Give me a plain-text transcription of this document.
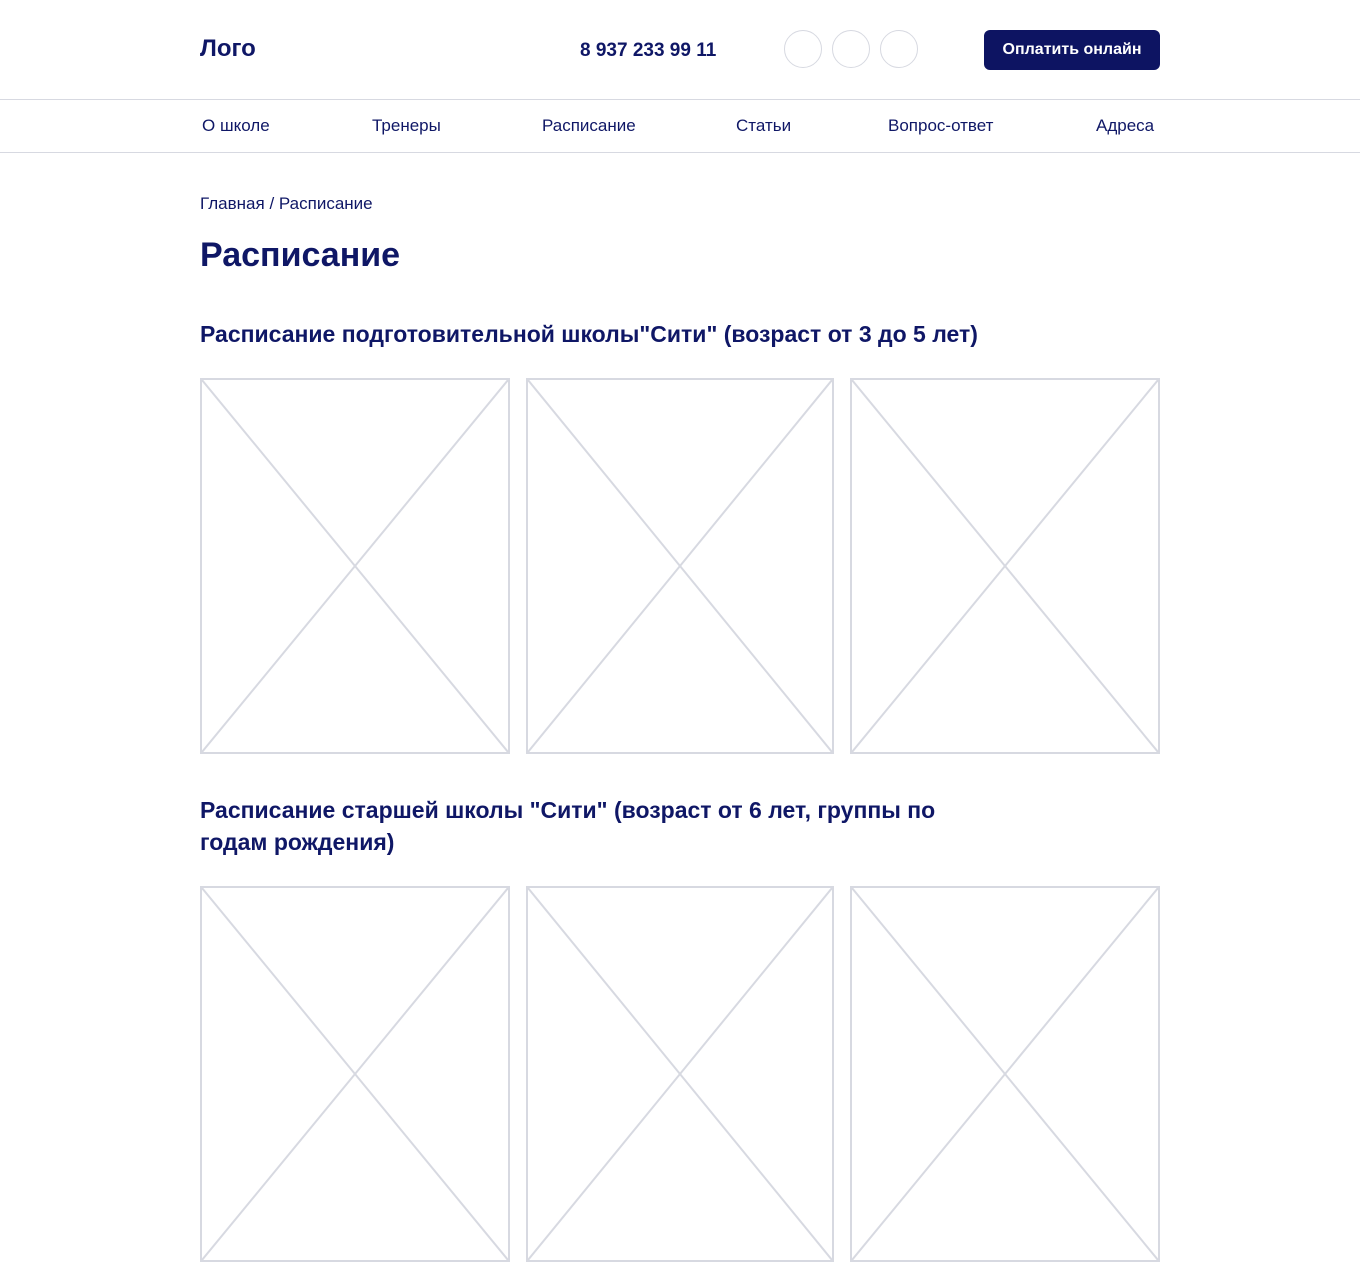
Лого	8 937 233 99 11	Оплатить онлайн
О школе	Тренеры	Расписание	Статьи	Вопрос-ответ	Адреса
Главная / Расписание
Расписание
Расписание подготовительной школы"Сити" (возраст от 3 до 5 лет)
Расписание старшей школы "Сити" (возраст от 6 лет, группы по годам рождения)
